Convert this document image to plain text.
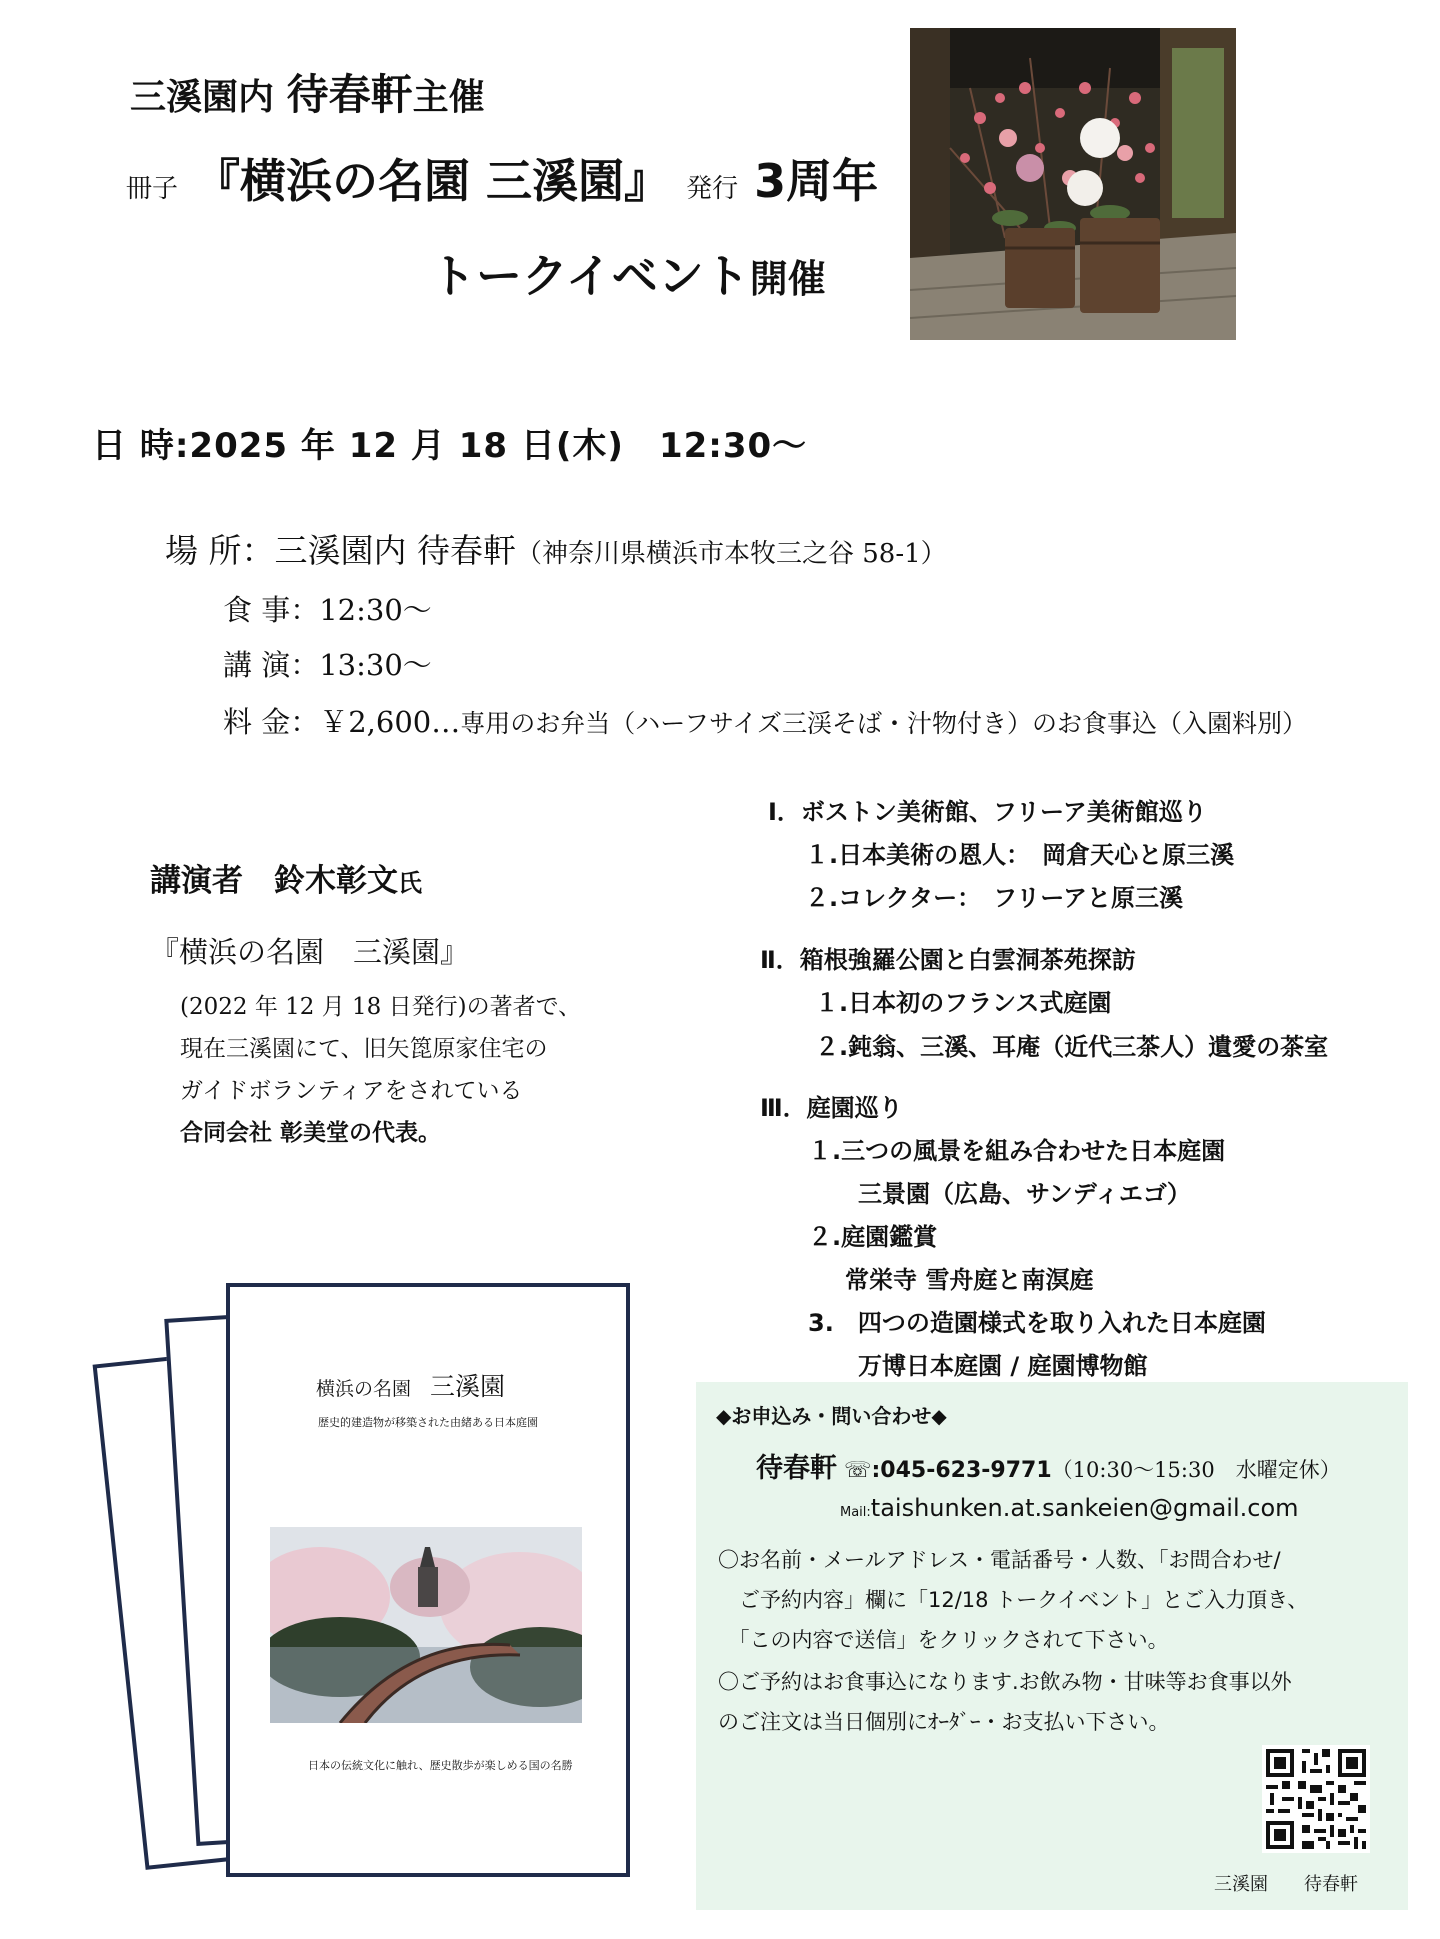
三溪園内 待春軒主催
冊子 『横浜の名園 三溪園』 発行 3周年
トークイベント開催
日 時:2025 年 12 月 18 日(木)　12:30〜
場 所：三溪園内 待春軒（神奈川県横浜市本牧三之谷 58-1）
食 事：12:30〜
講 演：13:30〜
料 金：￥2,600…専用のお弁当（ハーフサイズ三渓そば・汁物付き）のお食事込（入園料別）
講演者　鈴木彰文氏
『横浜の名園　三溪園』
(2022 年 12 月 18 日発行)の著者で、
現在三溪園にて、旧矢箆原家住宅の
ガイドボランティアをされている
合同会社 彰美堂の代表。
Ⅰ．ボストン美術館、フリーア美術館巡り
１.日本美術の恩人：　岡倉天心と原三溪
２.コレクター：　フリーアと原三溪
Ⅱ．箱根強羅公園と白雲洞茶苑探訪
１.日本初のフランス式庭園
２.鈍翁、三溪、耳庵（近代三茶人）遺愛の茶室
Ⅲ．庭園巡り
１.三つの風景を組み合わせた日本庭園
三景園（広島、サンディエゴ）
２.庭園鑑賞
常栄寺 雪舟庭と南溟庭
3.　四つの造園様式を取り入れた日本庭園
万博日本庭園 / 庭園博物館
横浜の名園　 三溪園
歴史的建造物が移築された由緒ある日本庭園
日本の伝統文化に触れ、歴史散歩が楽しめる国の名勝
◆お申込み・問い合わせ◆
待春軒 ☏:045-623-9771（10:30〜15:30　水曜定休）
Mail:taishunken.at.sankeien@gmail.com
〇お名前・メールアドレス・電話番号・人数、「お問合わせ/
　ご予約内容」欄に「12/18 トークイベント」とご入力頂き、
　「この内容で送信」をクリックされて下さい。
〇ご予約はお食事込になります.お飲み物・甘味等お食事以外
のご注文は当日個別にｵｰﾀﾞｰ・お支払い下さい。
三溪園　　待春軒
